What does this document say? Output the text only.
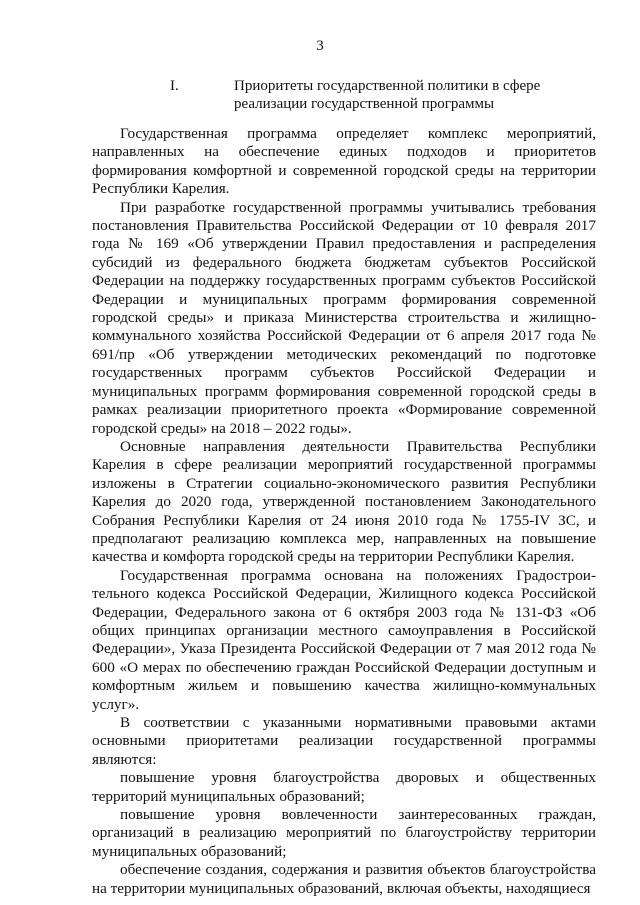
3
I.	Приоритеты государственной политики в сфере
реализации государственной программы

Государственная программа определяет комплекс мероприятий, направленных на обеспечение единых подходов и приоритетов формирования комфортной и современной городской среды на территории Республики Карелия.

При разработке государственной программы учитывались требования постановления Правительства Российской Федерации от 10 февраля 2017 года № 169 «Об утверждении Правил предоставления и распределения субсидий из федерального бюджета бюджетам субъектов Российской Федерации на поддержку государственных программ субъектов Российской Федерации и муниципальных программ формирования современной городской среды» и приказа Министерства строительства и жилищно-коммунального хозяйства Российской Федерации от 6 апреля 2017 года № 691/пр «Об утверждении методических рекомендаций по подготовке государственных программ субъектов Российской Федерации и муниципальных программ формирования современной городской среды в рамках реализации приоритетного проекта «Формирование современной городской среды» на 2018 – 2022 годы».

Основные направления деятельности Правительства Республики Карелия в сфере реализации мероприятий государственной программы изложены в Стратегии социально-экономического развития Республики Карелия до 2020 года, утвержденной постановлением Законодательного Собрания Республики Карелия от 24 июня 2010 года № 1755-IV ЗС, и предполагают реализацию комплекса мер, направленных на повышение качества и комфорта городской среды на территории Республики Карелия.

Государственная программа основана на положениях Градостроительного кодекса Российской Федерации, Жилищного кодекса Российской Федерации, Федерального закона от 6 октября 2003 года № 131-ФЗ «Об общих принципах организации местного самоуправления в Российской Федерации», Указа Президента Российской Федерации от 7 мая 2012 года № 600 «О мерах по обеспечению граждан Российской Федерации доступным и комфортным жильем и повышению качества жилищно-коммунальных услуг».

В соответствии с указанными нормативными правовыми актами основными приоритетами реализации государственной программы являются:

повышение уровня благоустройства дворовых и общественных территорий муниципальных образований;

повышение уровня вовлеченности заинтересованных граждан, организаций в реализацию мероприятий по благоустройству территории муниципальных образований;

обеспечение создания, содержания и развития объектов благоустройства на территории муниципальных образований, включая объекты, находящиеся
